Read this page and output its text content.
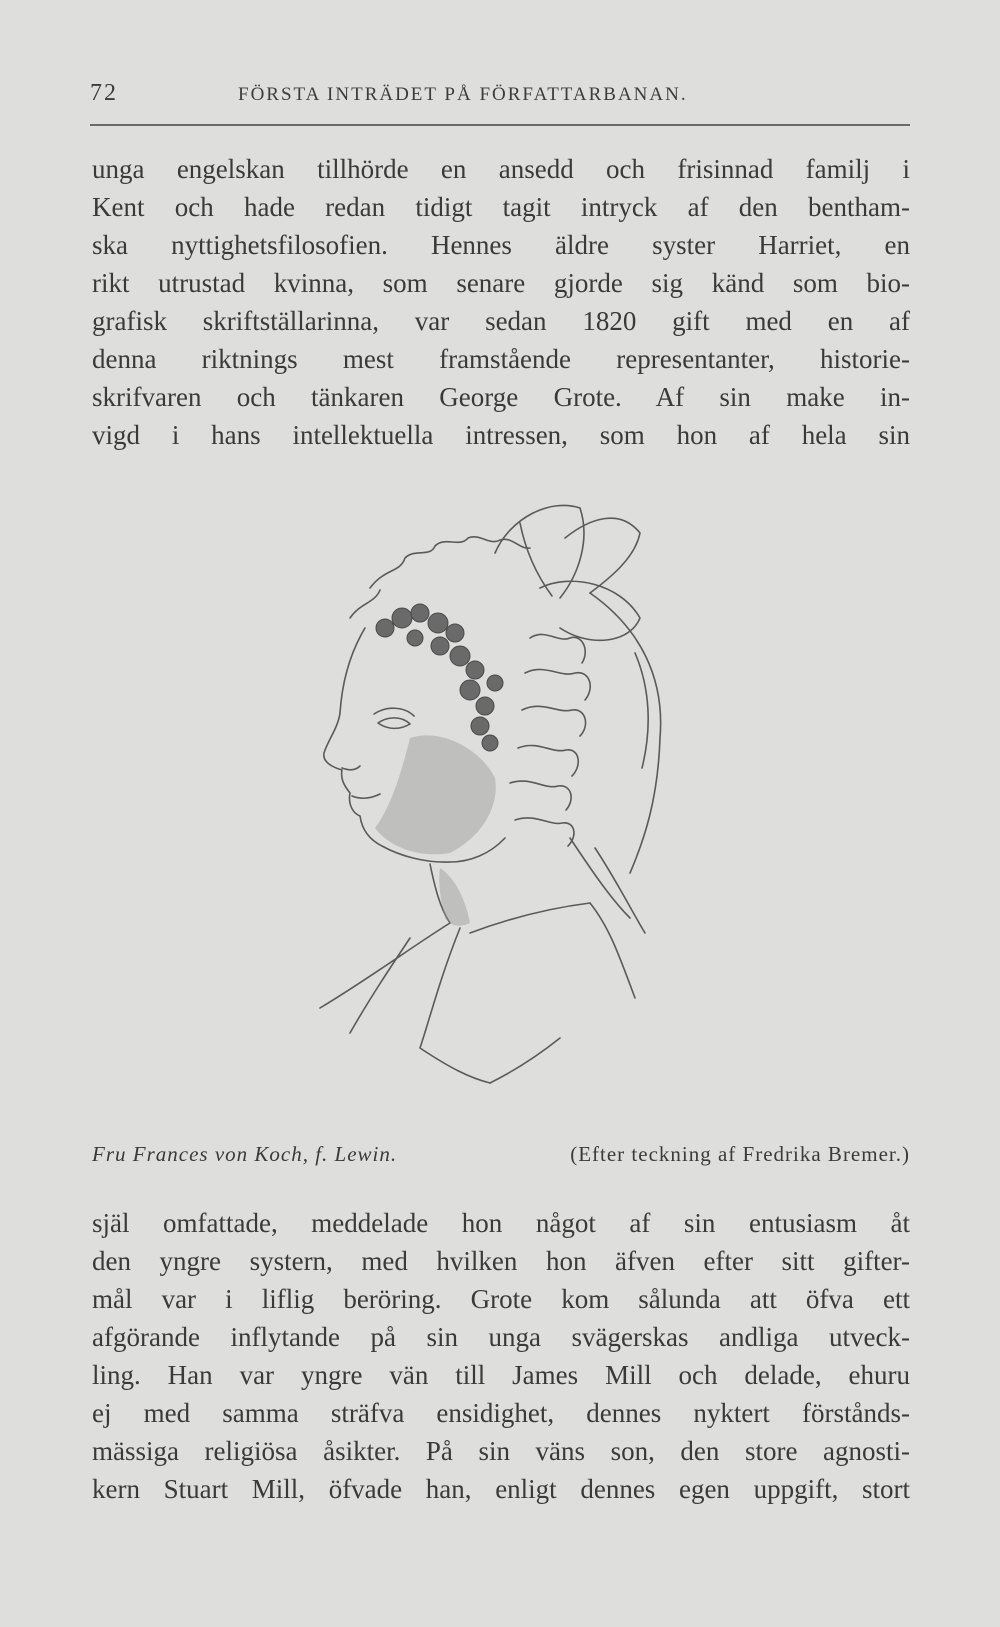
72	FÖRSTA INTRÄDET PÅ FÖRFATTARBANAN.
unga engelskan tillhörde en ansedd och frisinnad familj i
Kent och hade redan tidigt tagit intryck af den bentham-
ska nyttighetsfilosofien. Hennes äldre syster Harriet, en
rikt utrustad kvinna, som senare gjorde sig känd som bio-
grafisk skriftställarinna, var sedan 1820 gift med en af
denna riktnings mest framstående representanter, historie-
skrifvaren och tänkaren George Grote. Af sin make in-
vigd i hans intellektuella intressen, som hon af hela sin
Fru Frances von Koch, f. Lewin.	(Efter teckning af Fredrika Bremer.)
själ omfattade, meddelade hon något af sin entusiasm åt
den yngre systern, med hvilken hon äfven efter sitt gifter-
mål var i liflig beröring. Grote kom sålunda att öfva ett
afgörande inflytande på sin unga svägerskas andliga utveck-
ling. Han var yngre vän till James Mill och delade, ehuru
ej med samma sträfva ensidighet, dennes nyktert förstånds-
mässiga religiösa åsikter. På sin väns son, den store agnosti-
kern Stuart Mill, öfvade han, enligt dennes egen uppgift, stort
